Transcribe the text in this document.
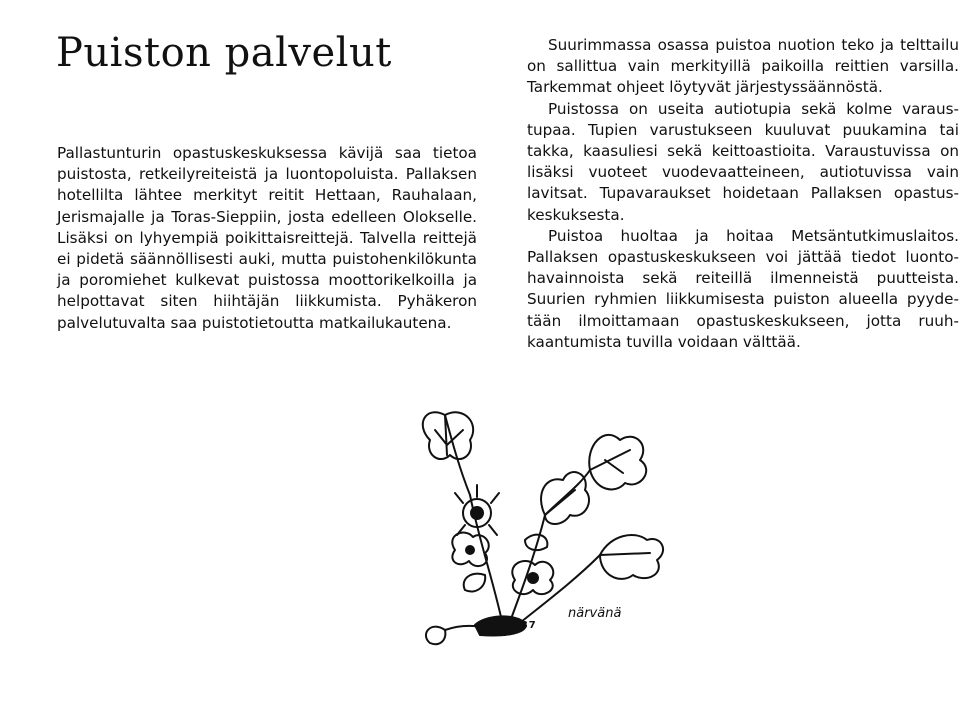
Puiston palvelut

Pallastunturin opastuskeskuksessa kävijä saa tietoa puistosta, retkeilyreiteistä ja luontopoluista. Pallaksen hotellilta lähtee merkityt reitit Hettaan, Rauhalaan, Jerismajalle ja Toras-Sieppiin, josta edelleen Olokselle. Lisäksi on lyhyempiä poikittaisreittejä. Talvella reittejä ei pidetä säännöllisesti auki, mutta puistohenkilökunta ja poromiehet kulkevat puistossa moottorikelkoilla ja helpottavat siten hiihtäjän liikkumista. Pyhäkeron palvelutuvalta saa puistotietoutta matkailukautena.

Suurimmassa osassa puistoa nuotion teko ja telttailu on sallittua vain merkityillä paikoilla reittien varsilla. Tarkemmat ohjeet löytyvät järjestyssäännöstä.

Puistossa on useita autiotupia sekä kolme varaustupaa. Tupien varustukseen kuuluvat puukamina tai takka, kaasuliesi sekä keittoastioita. Varaustuvissa on lisäksi vuoteet vuodevaatteineen, autiotuvissa vain lavitsat. Tupavaraukset hoidetaan Pallaksen opastuskeskuksesta.

Puistoa huoltaa ja hoitaa Metsäntutkimuslaitos. Pallaksen opastuskeskukseen voi jättää tiedot luontohavainnoista sekä reiteillä ilmenneistä puutteista. Suurien ryhmien liikkumisesta puiston alueella pyydetään ilmoittamaan opastuskeskukseen, jotta ruuhkaantumista tuvilla voidaan välttää.

närvänä
V87
